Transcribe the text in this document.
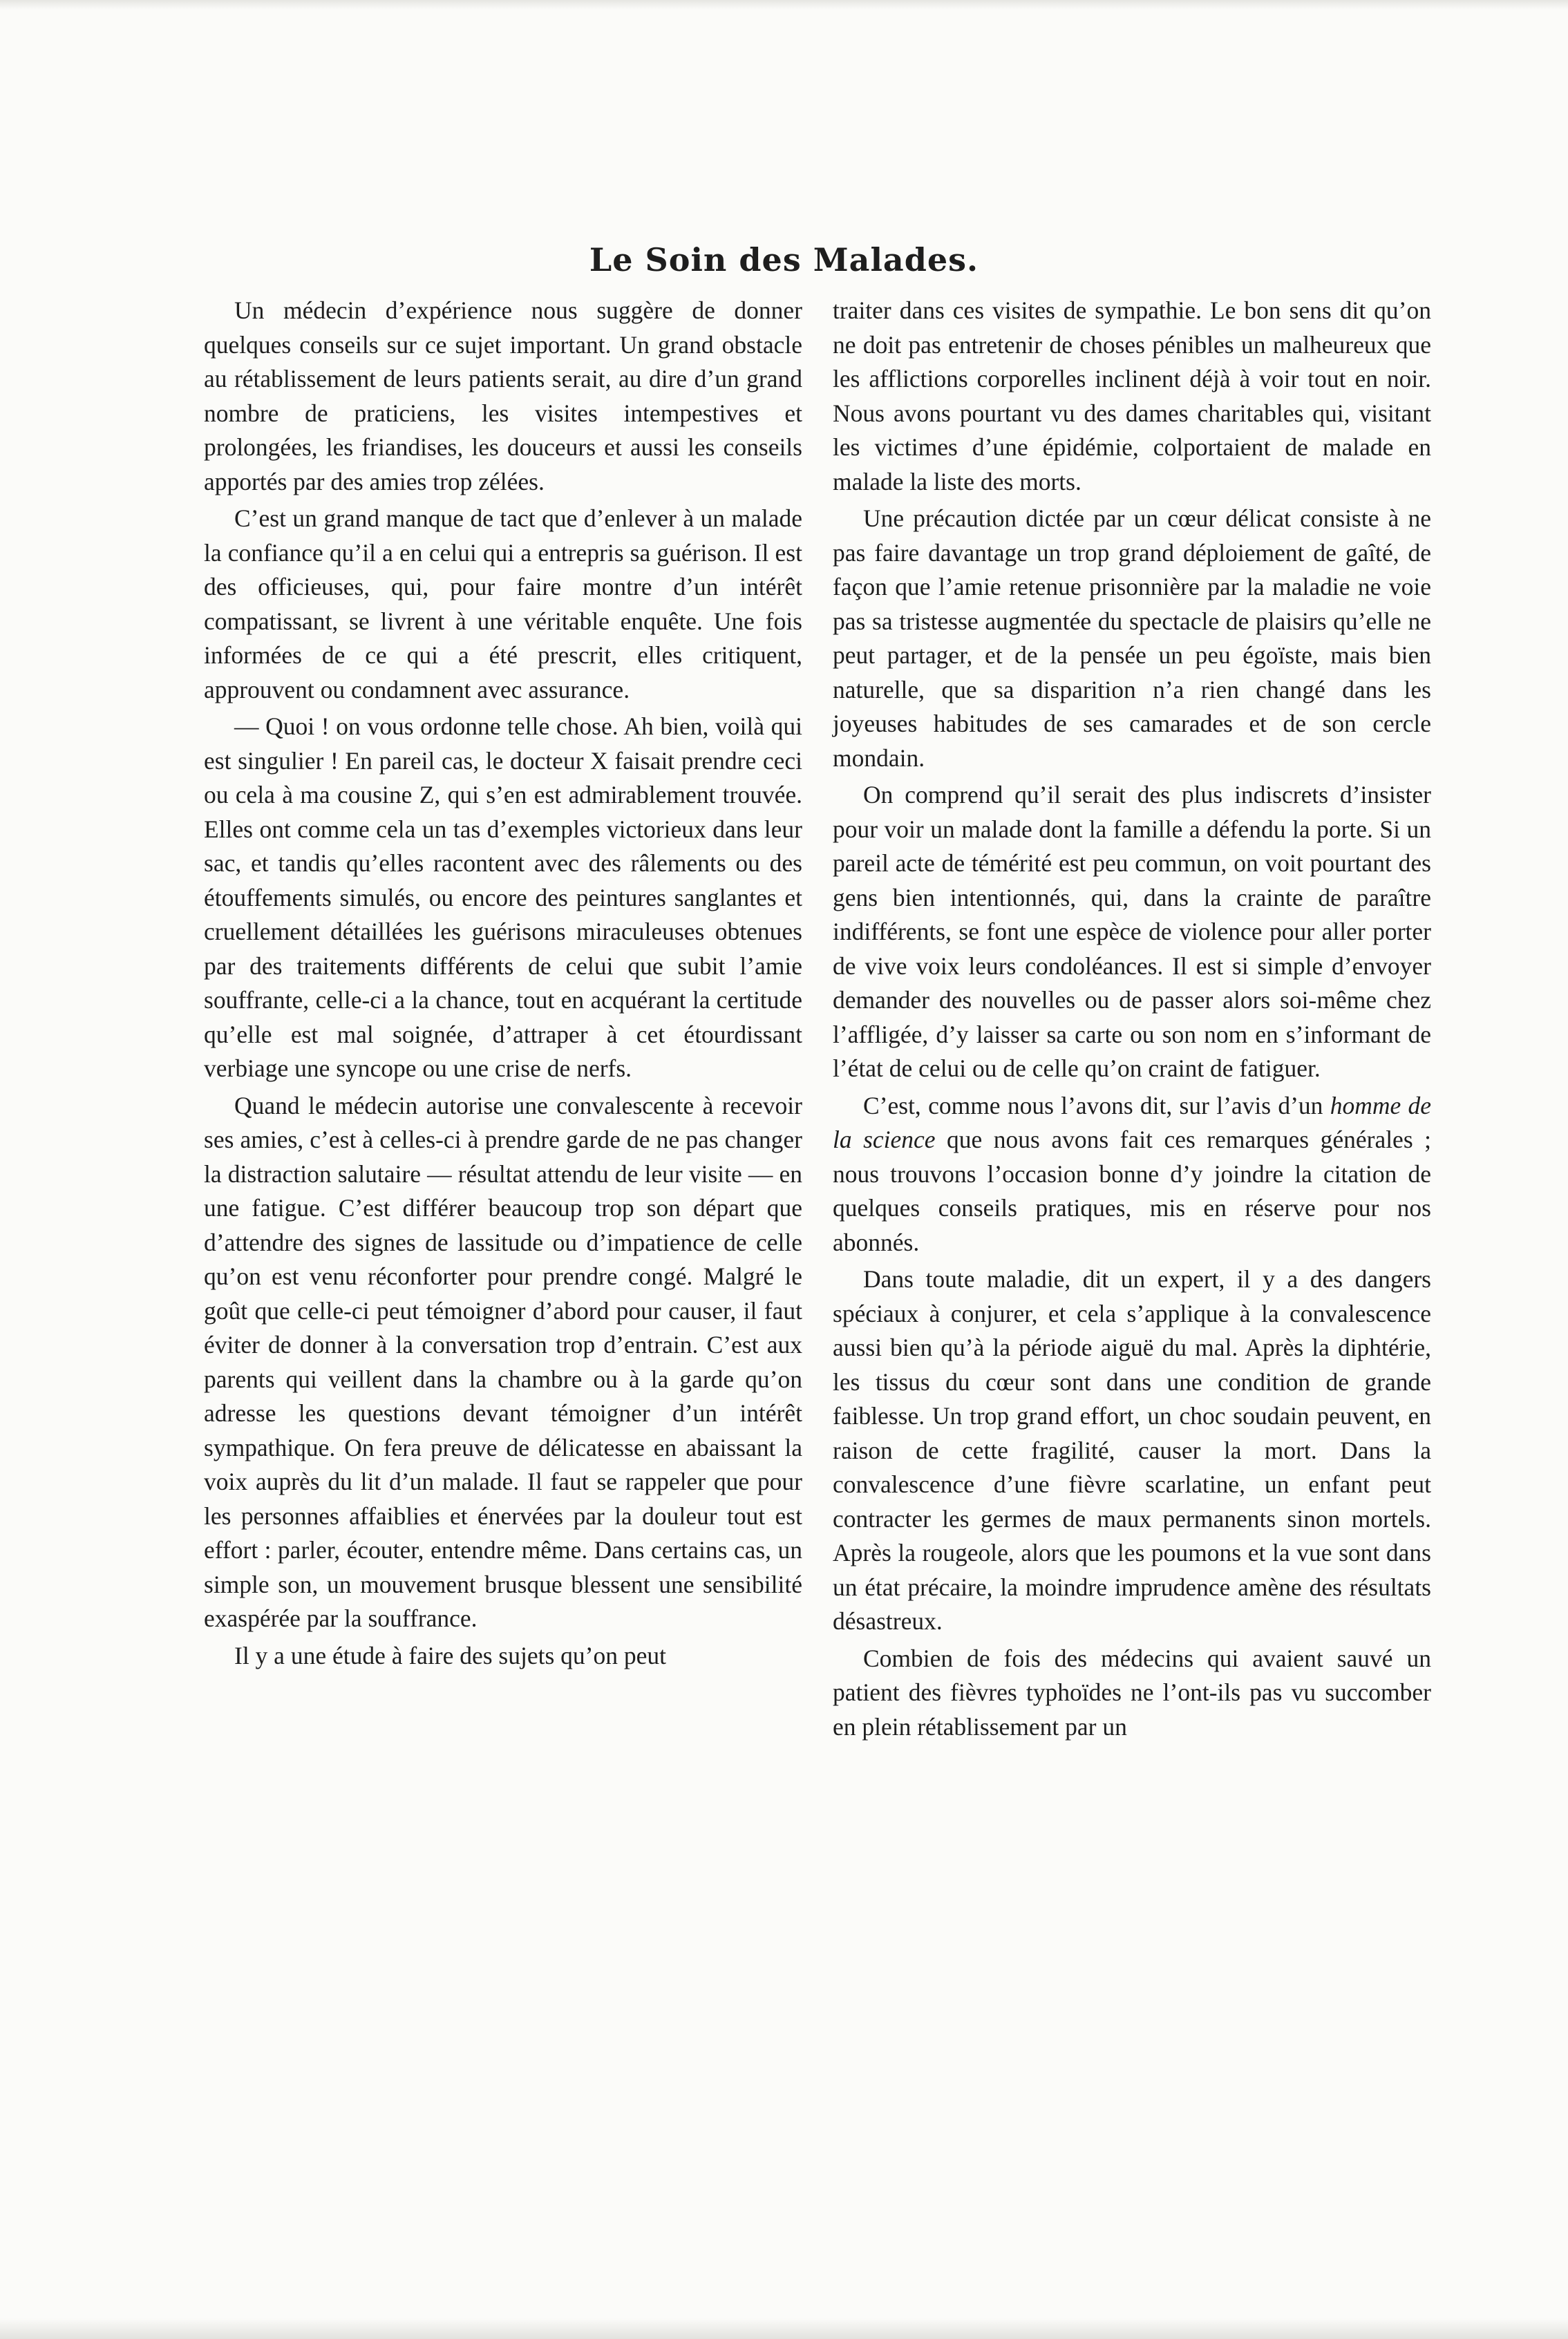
Le Soin des Malades.

Un médecin d’expérience nous suggère de donner quelques conseils sur ce sujet important. Un grand obstacle au rétablissement de leurs patients serait, au dire d’un grand nombre de praticiens, les visites intempestives et prolongées, les friandises, les douceurs et aussi les conseils apportés par des amies trop zélées.

C’est un grand manque de tact que d’enlever à un malade la confiance qu’il a en celui qui a entrepris sa guérison. Il est des officieuses, qui, pour faire montre d’un intérêt compatissant, se livrent à une véritable enquête. Une fois informées de ce qui a été prescrit, elles critiquent, approuvent ou condamnent avec assurance.

— Quoi ! on vous ordonne telle chose. Ah bien, voilà qui est singulier ! En pareil cas, le docteur X faisait prendre ceci ou cela à ma cousine Z, qui s’en est admirablement trouvée. Elles ont comme cela un tas d’exemples victorieux dans leur sac, et tandis qu’elles racontent avec des râlements ou des étouffements simulés, ou encore des peintures sanglantes et cruellement détaillées les guérisons miraculeuses obtenues par des traitements différents de celui que subit l’amie souffrante, celle-ci a la chance, tout en acquérant la certitude qu’elle est mal soignée, d’attraper à cet étourdissant verbiage une syncope ou une crise de nerfs.

Quand le médecin autorise une convalescente à recevoir ses amies, c’est à celles-ci à prendre garde de ne pas changer la distraction salutaire — résultat attendu de leur visite — en une fatigue. C’est différer beaucoup trop son départ que d’attendre des signes de lassitude ou d’impatience de celle qu’on est venu réconforter pour prendre congé. Malgré le goût que celle-ci peut témoigner d’abord pour causer, il faut éviter de donner à la conversation trop d’entrain. C’est aux parents qui veillent dans la chambre ou à la garde qu’on adresse les questions devant témoigner d’un intérêt sympathique. On fera preuve de délicatesse en abaissant la voix auprès du lit d’un malade. Il faut se rappeler que pour les personnes affaiblies et énervées par la douleur tout est effort : parler, écouter, entendre même. Dans certains cas, un simple son, un mouvement brusque blessent une sensibilité exaspérée par la souffrance.

Il y a une étude à faire des sujets qu’on peut

traiter dans ces visites de sympathie. Le bon sens dit qu’on ne doit pas entretenir de choses pénibles un malheureux que les afflictions corporelles inclinent déjà à voir tout en noir. Nous avons pourtant vu des dames charitables qui, visitant les victimes d’une épidémie, colportaient de malade en malade la liste des morts.

Une précaution dictée par un cœur délicat consiste à ne pas faire davantage un trop grand déploiement de gaîté, de façon que l’amie retenue prisonnière par la maladie ne voie pas sa tristesse augmentée du spectacle de plaisirs qu’elle ne peut partager, et de la pensée un peu égoïste, mais bien naturelle, que sa disparition n’a rien changé dans les joyeuses habitudes de ses camarades et de son cercle mondain.

On comprend qu’il serait des plus indiscrets d’insister pour voir un malade dont la famille a défendu la porte. Si un pareil acte de témérité est peu commun, on voit pourtant des gens bien intentionnés, qui, dans la crainte de paraître indifférents, se font une espèce de violence pour aller porter de vive voix leurs condoléances. Il est si simple d’envoyer demander des nouvelles ou de passer alors soi-même chez l’affligée, d’y laisser sa carte ou son nom en s’informant de l’état de celui ou de celle qu’on craint de fatiguer.

C’est, comme nous l’avons dit, sur l’avis d’un homme de la science que nous avons fait ces remarques générales ; nous trouvons l’occasion bonne d’y joindre la citation de quelques conseils pratiques, mis en réserve pour nos abonnés.

Dans toute maladie, dit un expert, il y a des dangers spéciaux à conjurer, et cela s’applique à la convalescence aussi bien qu’à la période aiguë du mal. Après la diphtérie, les tissus du cœur sont dans une condition de grande faiblesse. Un trop grand effort, un choc soudain peuvent, en raison de cette fragilité, causer la mort. Dans la convalescence d’une fièvre scarlatine, un enfant peut contracter les germes de maux permanents sinon mortels. Après la rougeole, alors que les poumons et la vue sont dans un état précaire, la moindre imprudence amène des résultats désastreux.

Combien de fois des médecins qui avaient sauvé un patient des fièvres typhoïdes ne l’ont-ils pas vu succomber en plein rétablissement par un
